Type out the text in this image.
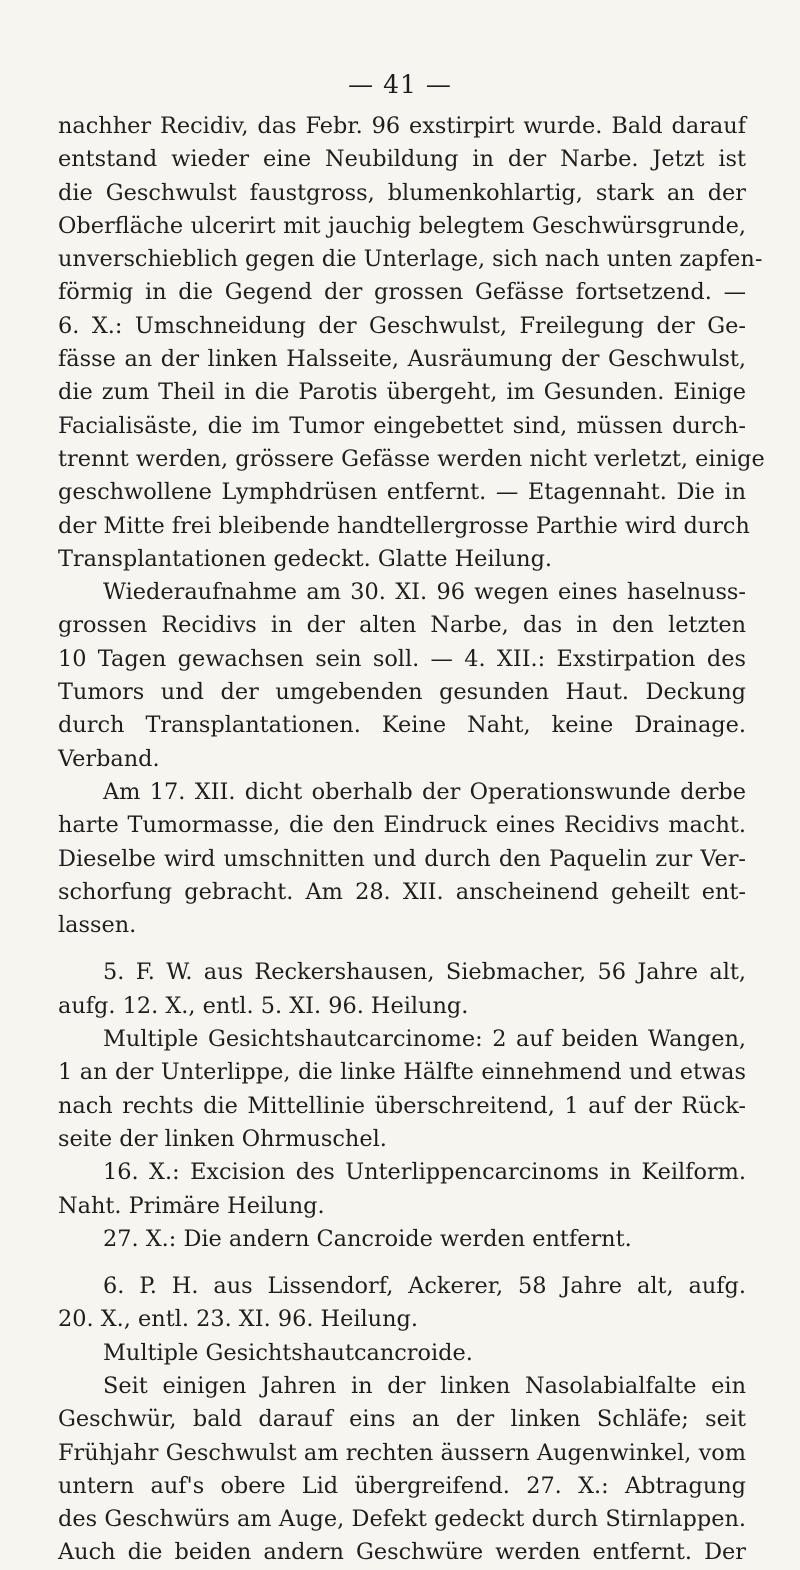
— 41 —
nachher Recidiv, das Febr. 96 exstirpirt wurde. Bald darauf
entstand wieder eine Neubildung in der Narbe. Jetzt ist
die Geschwulst faustgross, blumenkohlartig, stark an der
Oberfläche ulcerirt mit jauchig belegtem Geschwürsgrunde,
unverschieblich gegen die Unterlage, sich nach unten zapfen-
förmig in die Gegend der grossen Gefässe fortsetzend. —
6. X.: Umschneidung der Geschwulst, Freilegung der Ge-
fässe an der linken Halsseite, Ausräumung der Geschwulst,
die zum Theil in die Parotis übergeht, im Gesunden. Einige
Facialisäste, die im Tumor eingebettet sind, müssen durch-
trennt werden, grössere Gefässe werden nicht verletzt, einige
geschwollene Lymphdrüsen entfernt. — Etagennaht. Die in
der Mitte frei bleibende handtellergrosse Parthie wird durch
Transplantationen gedeckt. Glatte Heilung.
Wiederaufnahme am 30. XI. 96 wegen eines haselnuss-
grossen Recidivs in der alten Narbe, das in den letzten
10 Tagen gewachsen sein soll. — 4. XII.: Exstirpation des
Tumors und der umgebenden gesunden Haut. Deckung
durch Transplantationen. Keine Naht, keine Drainage.
Verband.
Am 17. XII. dicht oberhalb der Operationswunde derbe
harte Tumormasse, die den Eindruck eines Recidivs macht.
Dieselbe wird umschnitten und durch den Paquelin zur Ver-
schorfung gebracht. Am 28. XII. anscheinend geheilt ent-
lassen.
5. F. W. aus Reckershausen, Siebmacher, 56 Jahre alt,
aufg. 12. X., entl. 5. XI. 96. Heilung.
Multiple Gesichtshautcarcinome: 2 auf beiden Wangen,
1 an der Unterlippe, die linke Hälfte einnehmend und etwas
nach rechts die Mittellinie überschreitend, 1 auf der Rück-
seite der linken Ohrmuschel.
16. X.: Excision des Unterlippencarcinoms in Keilform.
Naht. Primäre Heilung.
27. X.: Die andern Cancroide werden entfernt.
6. P. H. aus Lissendorf, Ackerer, 58 Jahre alt, aufg.
20. X., entl. 23. XI. 96. Heilung.
Multiple Gesichtshautcancroide.
Seit einigen Jahren in der linken Nasolabialfalte ein
Geschwür, bald darauf eins an der linken Schläfe; seit
Frühjahr Geschwulst am rechten äussern Augenwinkel, vom
untern auf's obere Lid übergreifend. 27. X.: Abtragung
des Geschwürs am Auge, Defekt gedeckt durch Stirnlappen.
Auch die beiden andern Geschwüre werden entfernt. Der
